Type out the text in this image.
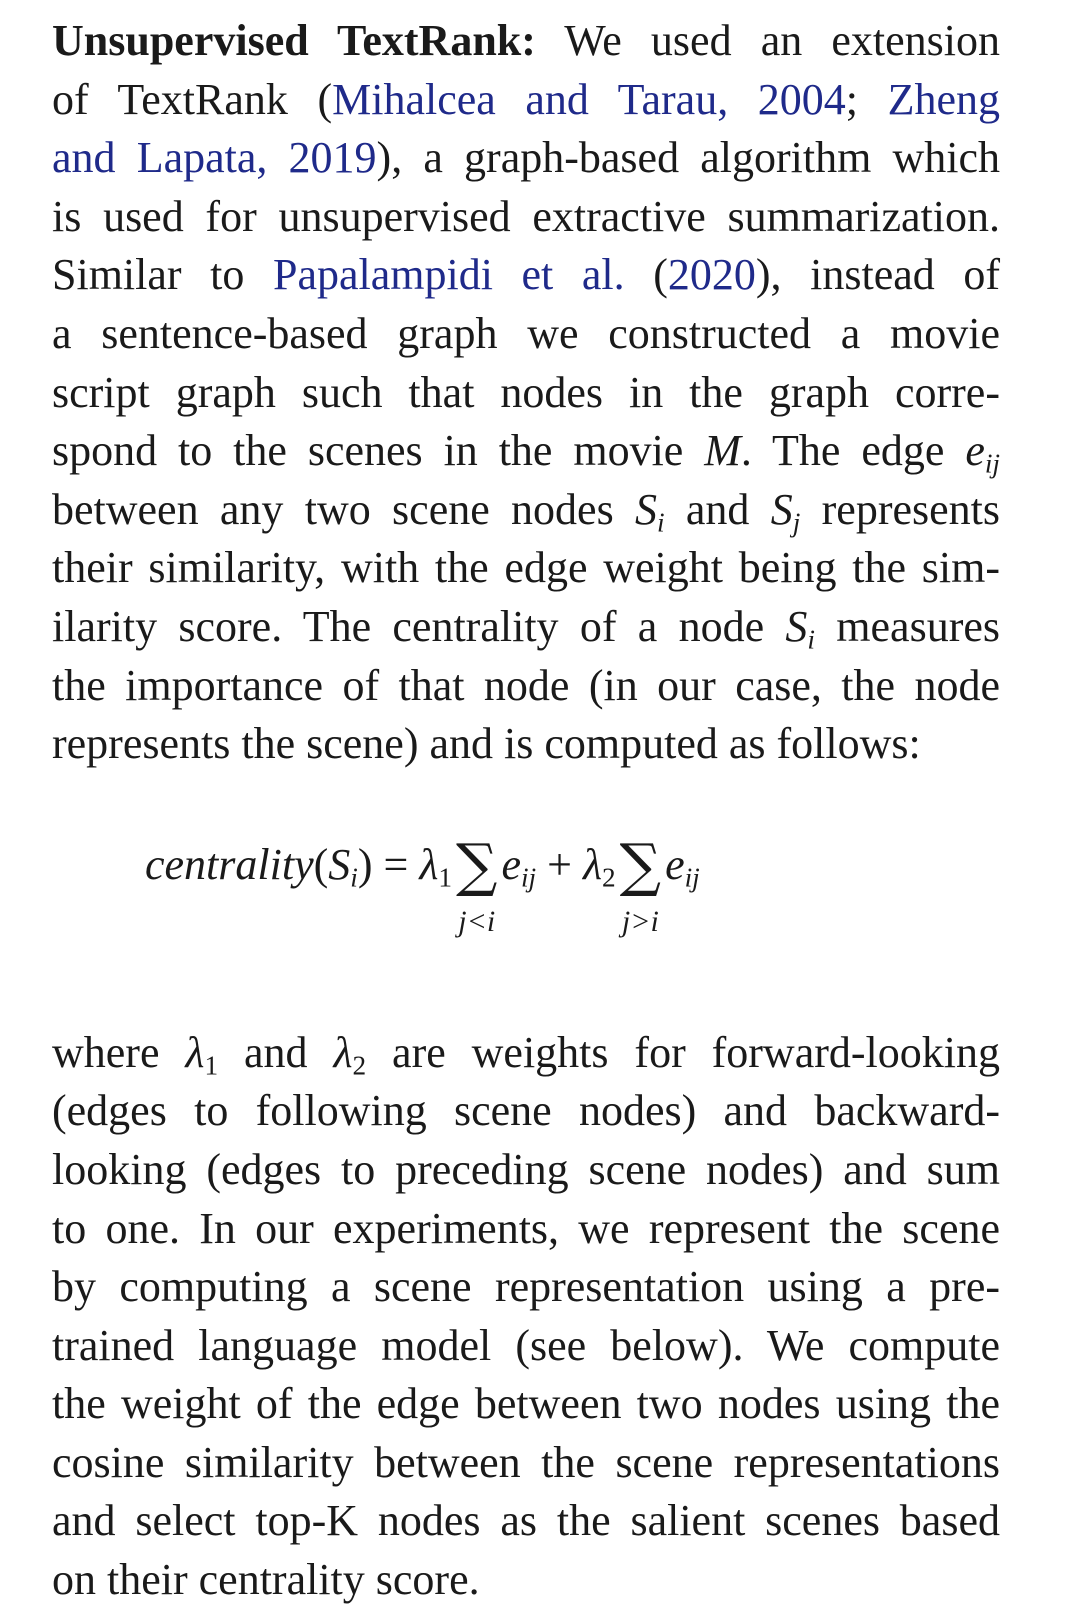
Unsupervised TextRank: We used an extension
of TextRank (Mihalcea and Tarau, 2004; Zheng
and Lapata, 2019), a graph-based algorithm which
is used for unsupervised extractive summarization.
Similar to Papalampidi et al. (2020), instead of
a sentence-based graph we constructed a movie
script graph such that nodes in the graph corre-
spond to the scenes in the movie M. The edge $e_{ij}$
between any two scene nodes $S_i$ and $S_j$ represents
their similarity, with the edge weight being the sim-
ilarity score. The centrality of a node $S_i$ measures
the importance of that node (in our case, the node
represents the scene) and is computed as follows:
$centrality(S_i) = \lambda_1\sum$
j<i
$e_{ij} + \lambda_2\sum$
j>i
$e_{ij}$
where $\lambda_1$ and $\lambda_2$ are weights for forward-looking
(edges to following scene nodes) and backward-
looking (edges to preceding scene nodes) and sum
to one. In our experiments, we represent the scene
by computing a scene representation using a pre-
trained language model (see below). We compute
the weight of the edge between two nodes using the
cosine similarity between the scene representations
and select top-K nodes as the salient scenes based
on their centrality score.
